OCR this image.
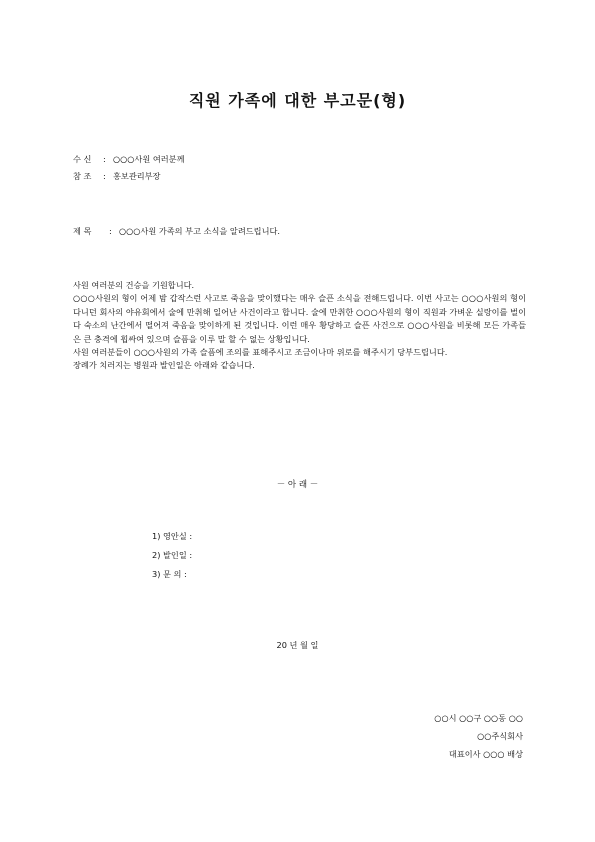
직원 가족에 대한 부고문(형)
수 신 : ○○○사원 여러분께
참 조 : 홍보관리부장
제 목 : ○○○사원 가족의 부고 소식을 알려드립니다.

사원 여러분의 건승을 기원합니다.

○○○사원의 형이 어제 밤 갑작스런 사고로 죽음을 맞이했다는 매우 슬픈 소식을 전해드립니다. 이번 사고는 ○○○사원의 형이 다니던 회사의 야유회에서 술에 만취해 일어난 사건이라고 합니다. 술에 만취한 ○○○사원의 형이 직원과 가벼운 실랑이를 벌이다 숙소의 난간에서 떨어져 죽음을 맞이하게 된 것입니다. 이런 매우 황당하고 슬픈 사건으로 ○○○사원을 비롯해 모든 가족들은 큰 충격에 휩싸여 있으며 슬픔을 이루 말 할 수 없는 상황입니다.

사원 여러분들이 ○○○사원의 가족 슬픔에 조의를 표해주시고 조금이나마 위로를 해주시기 당부드립니다.

장례가 치러지는 병원과 발인일은 아래와 같습니다.

－ 아 래 －
1) 영안실 :
2) 발인일 :
3) 문 의 :
20 년 월 일
○○시 ○○구 ○○동 ○○
○○주식회사
대표이사 ○○○ 배상
